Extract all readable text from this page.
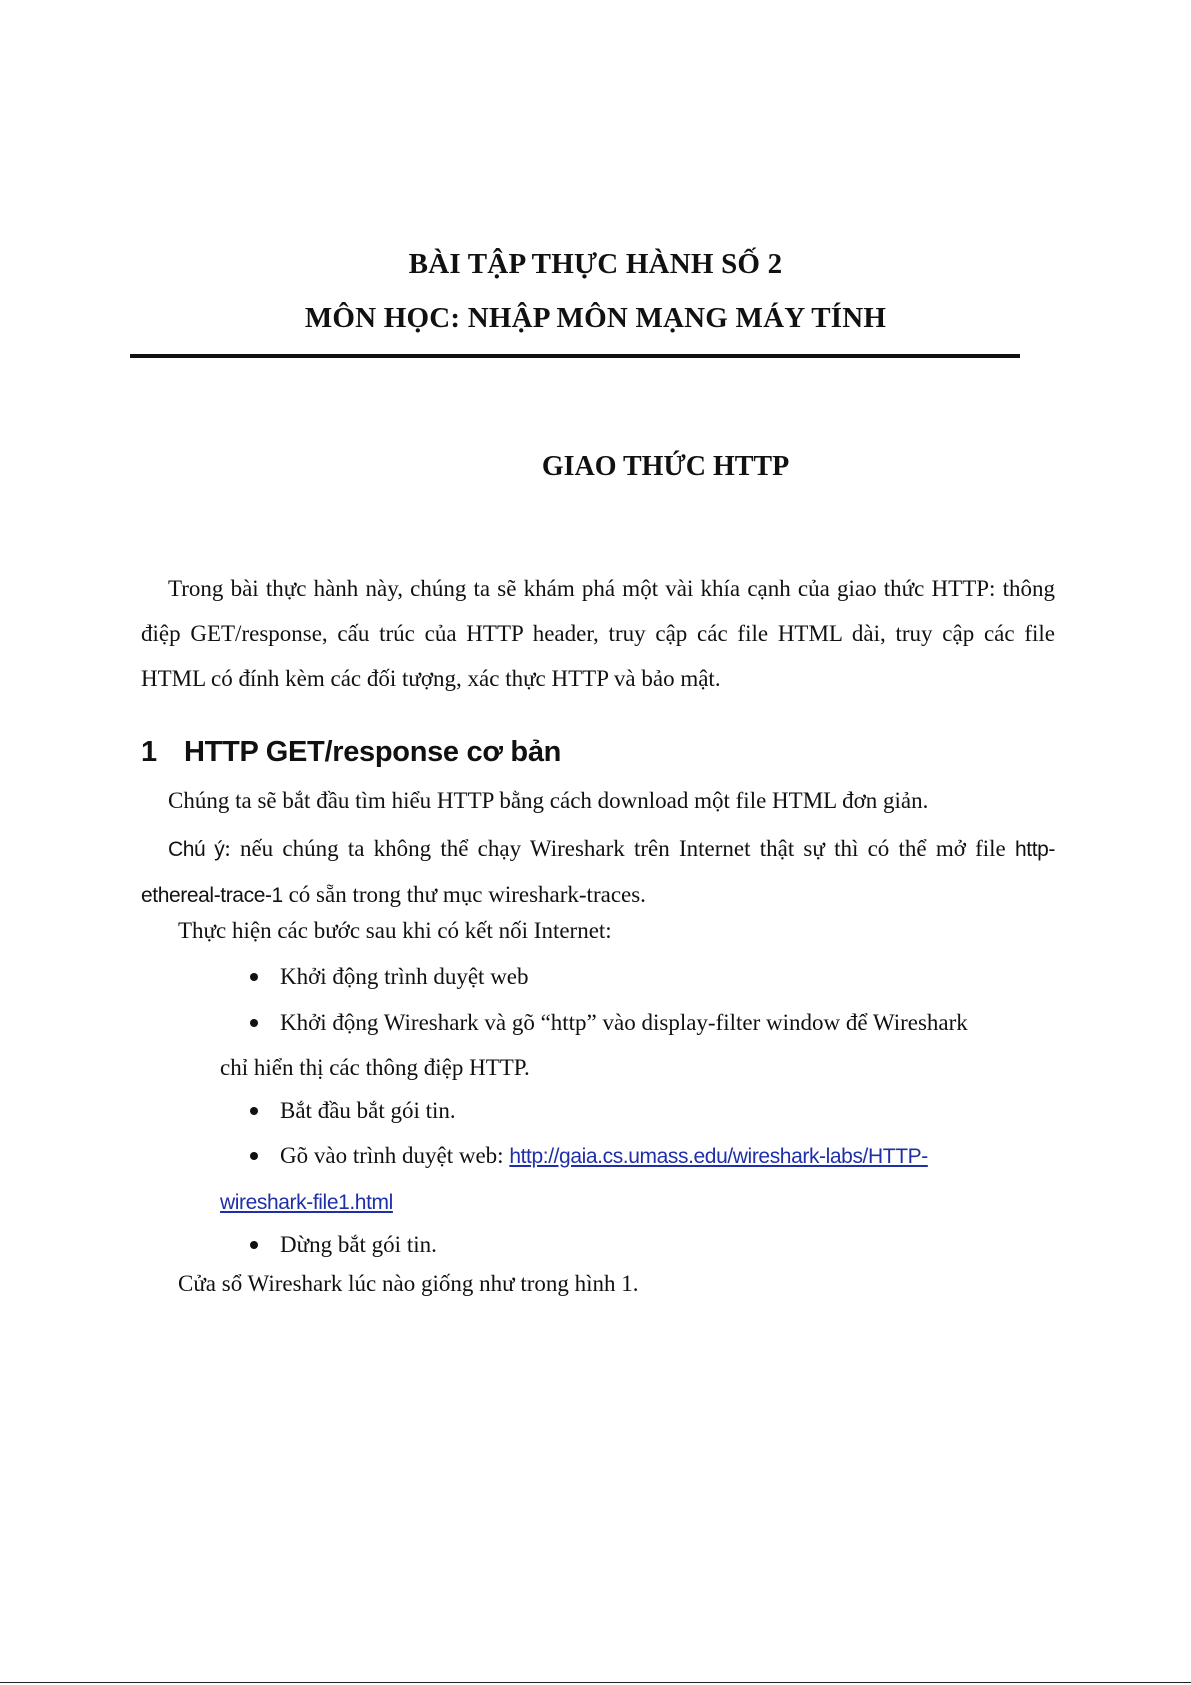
BÀI TẬP THỰC HÀNH SỐ 2
MÔN HỌC: NHẬP MÔN MẠNG MÁY TÍNH
GIAO THỨC HTTP

Trong bài thực hành này, chúng ta sẽ khám phá một vài khía cạnh của giao thức HTTP: thông điệp GET/response, cấu trúc của HTTP header, truy cập các file HTML dài, truy cập các file HTML có đính kèm các đối tượng, xác thực HTTP và bảo mật.

1 HTTP GET/response cơ bản
Chúng ta sẽ bắt đầu tìm hiểu HTTP bằng cách download một file HTML đơn giản.
Chú ý: nếu chúng ta không thể chạy Wireshark trên Internet thật sự thì có thể mở file http-ethereal-trace-1 có sẵn trong thư mục wireshark-traces.
Thực hiện các bước sau khi có kết nối Internet:
Khởi động trình duyệt web
Khởi động Wireshark và gõ “http” vào display-filter window để Wireshark
chỉ hiển thị các thông điệp HTTP.
Bắt đầu bắt gói tin.
Gõ vào trình duyệt web: http://gaia.cs.umass.edu/wireshark-labs/HTTP-
wireshark-file1.html
Dừng bắt gói tin.
Cửa sổ Wireshark lúc nào giống như trong hình 1.
